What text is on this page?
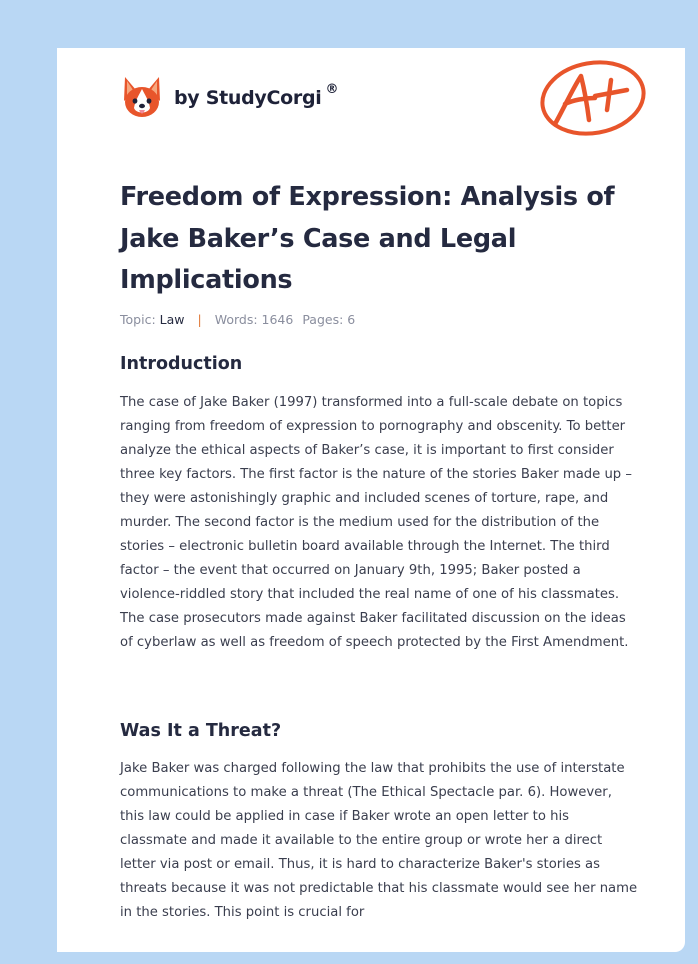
by StudyCorgi ®
Freedom of Expression: Analysis of Jake Baker’s Case and Legal Implications
Topic: Law | Words: 1646 Pages: 6
Introduction

The case of Jake Baker (1997) transformed into a full-scale debate on topics ranging from freedom of expression to pornography and obscenity. To better analyze the ethical aspects of Baker’s case, it is important to first consider three key factors. The first factor is the nature of the stories Baker made up – they were astonishingly graphic and included scenes of torture, rape, and murder. The second factor is the medium used for the distribution of the stories – electronic bulletin board available through the Internet. The third factor – the event that occurred on January 9th, 1995; Baker posted a violence-riddled story that included the real name of one of his classmates. The case prosecutors made against Baker facilitated discussion on the ideas of cyberlaw as well as freedom of speech protected by the First Amendment.

Was It a Threat?

Jake Baker was charged following the law that prohibits the use of interstate communications to make a threat (The Ethical Spectacle par. 6). However, this law could be applied in case if Baker wrote an open letter to his classmate and made it available to the entire group or wrote her a direct letter via post or email. Thus, it is hard to characterize Baker's stories as threats because it was not predictable that his classmate would see her name in the stories. This point is crucial for
